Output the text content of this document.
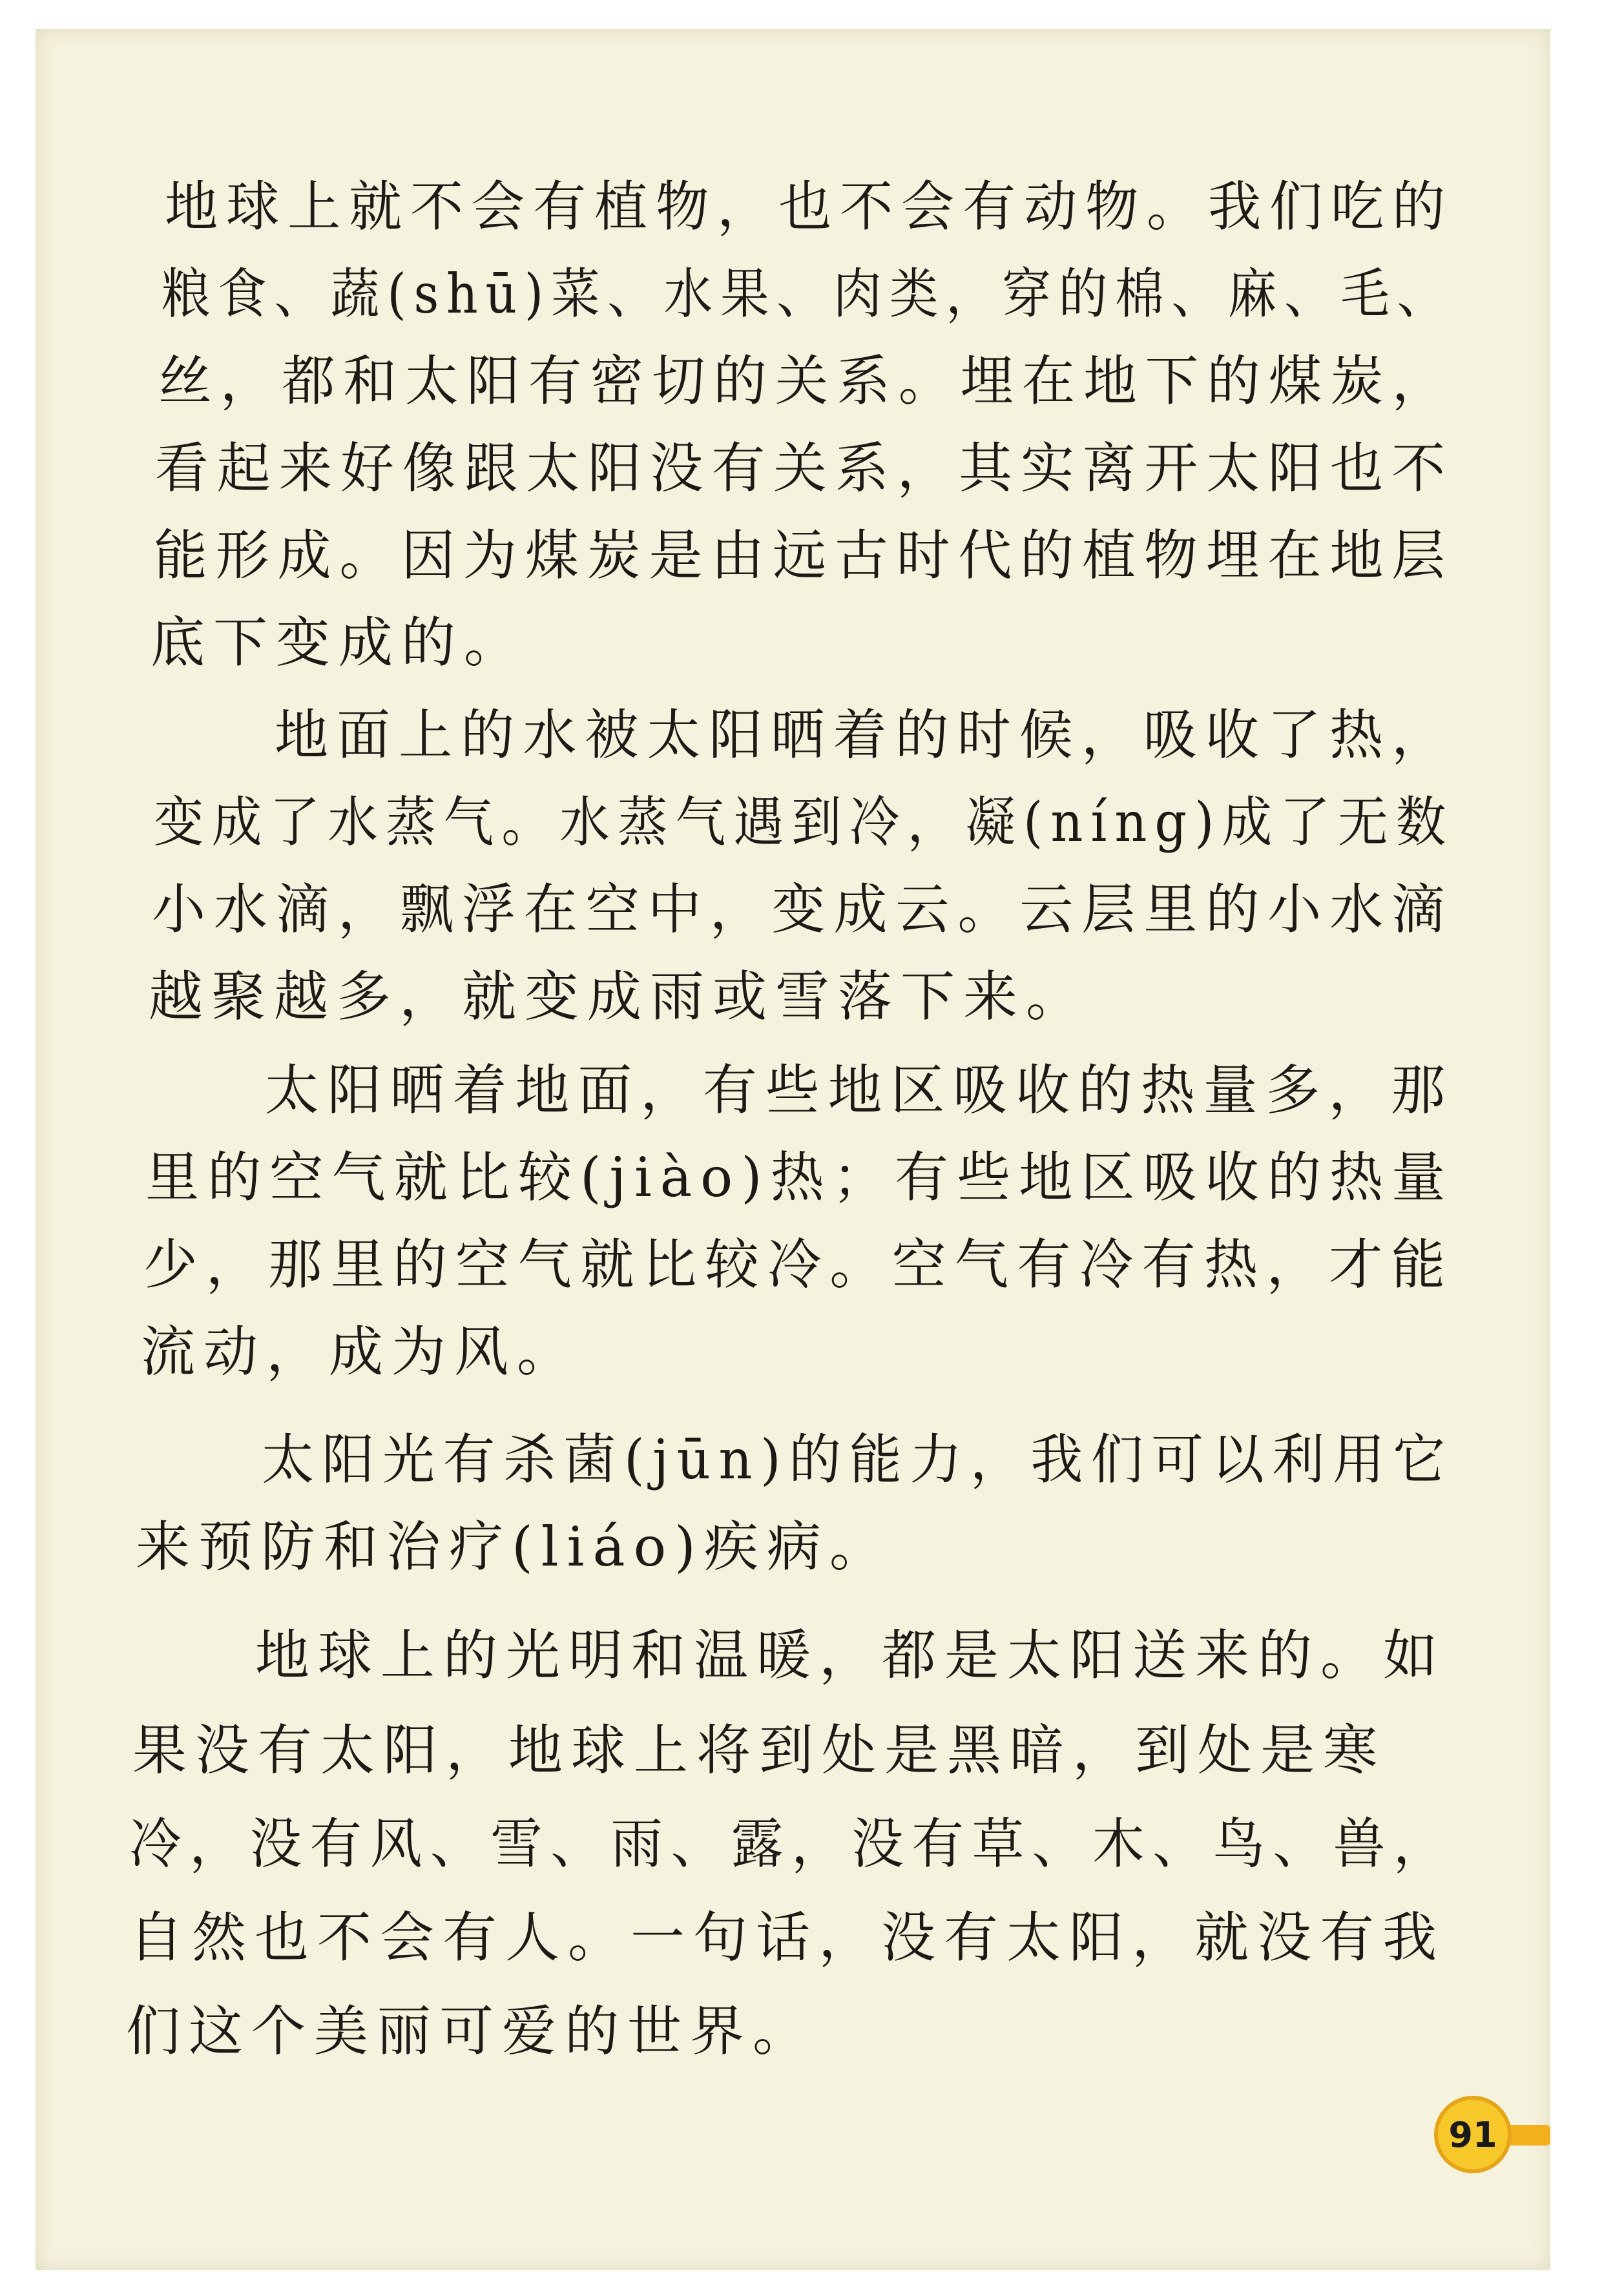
地球上就不会有植物，也不会有动物。我们吃的
粮食、蔬(shū)菜、水果、肉类，穿的棉、麻、毛、
丝，都和太阳有密切的关系。埋在地下的煤炭，
看起来好像跟太阳没有关系，其实离开太阳也不
能形成。因为煤炭是由远古时代的植物埋在地层
底下变成的。
地面上的水被太阳晒着的时候，吸收了热，
变成了水蒸气。水蒸气遇到冷，凝(níng)成了无数
小水滴，飘浮在空中，变成云。云层里的小水滴
越聚越多，就变成雨或雪落下来。
太阳晒着地面，有些地区吸收的热量多，那
里的空气就比较(jiào)热；有些地区吸收的热量
少，那里的空气就比较冷。空气有冷有热，才能
流动，成为风。
太阳光有杀菌(jūn)的能力，我们可以利用它
来预防和治疗(liáo)疾病。
地球上的光明和温暖，都是太阳送来的。如
果没有太阳，地球上将到处是黑暗，到处是寒
冷，没有风、雪、雨、露，没有草、木、鸟、兽，
自然也不会有人。一句话，没有太阳，就没有我
们这个美丽可爱的世界。
91
